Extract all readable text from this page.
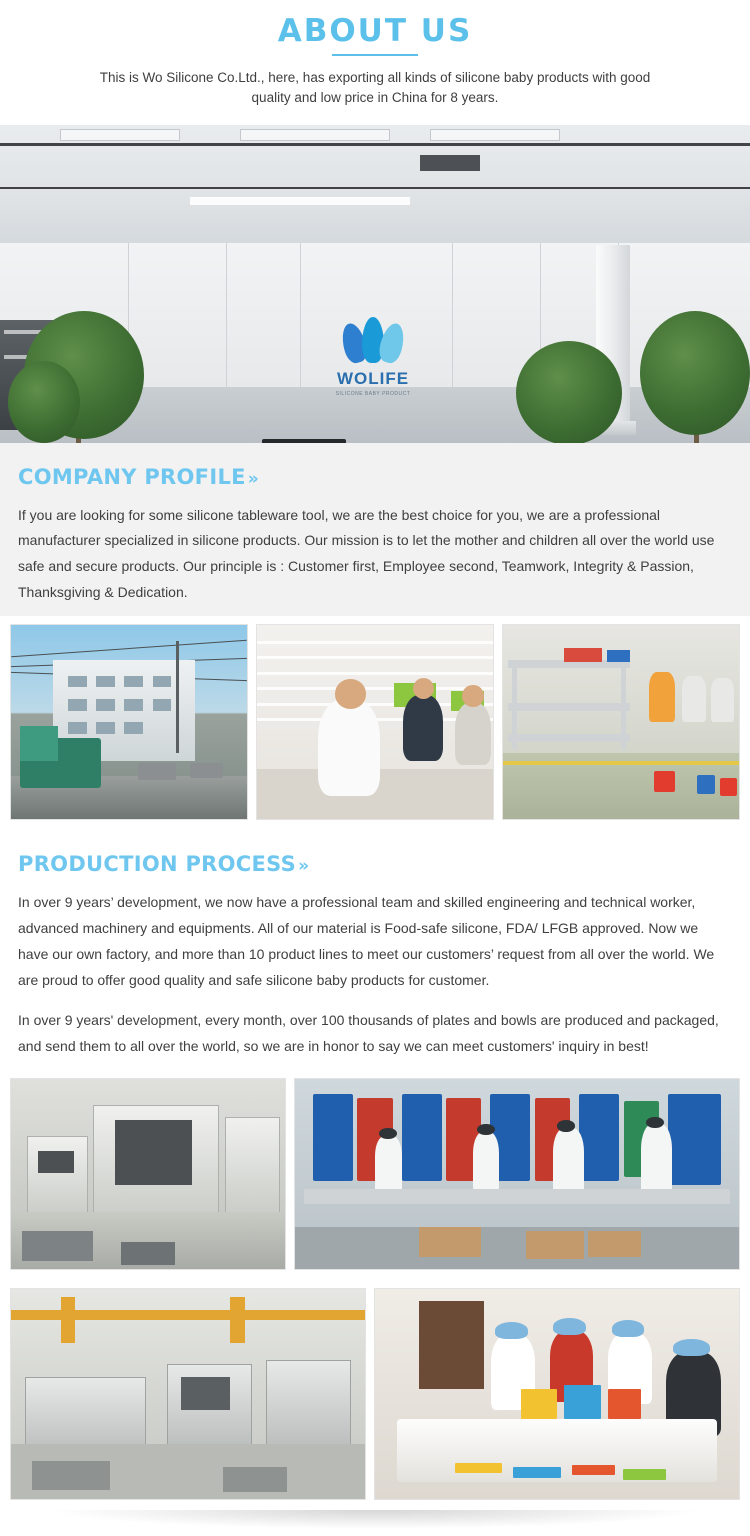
ABOUT US

This is Wo Silicone Co.Ltd., here, has exporting all kinds of silicone baby products with good quality and low price in China for 8 years.

WOLIFE
SILICONE BABY PRODUCT
COMPANY PROFILE »

If you are looking for some silicone tableware tool, we are the best choice for you, we are a professional manufacturer specialized in silicone products. Our mission is to let the mother and children all over the world use safe and secure products. Our principle is : Customer first, Employee second, Teamwork, Integrity & Passion, Thanksgiving & Dedication.

PRODUCTION PROCESS »

In over 9 years’ development, we now have a professional team and skilled engineering and technical worker, advanced machinery and equipments. All of our material is Food-safe silicone, FDA/ LFGB approved. Now we have our own factory, and more than 10 product lines to meet our customers’ request from all over the world. We are proud to offer good quality and safe silicone baby products for customer.

In over 9 years' development, every month, over 100 thousands of plates and bowls are produced and packaged, and send them to all over the world, so we are in honor to say we can meet customers' inquiry in best!
